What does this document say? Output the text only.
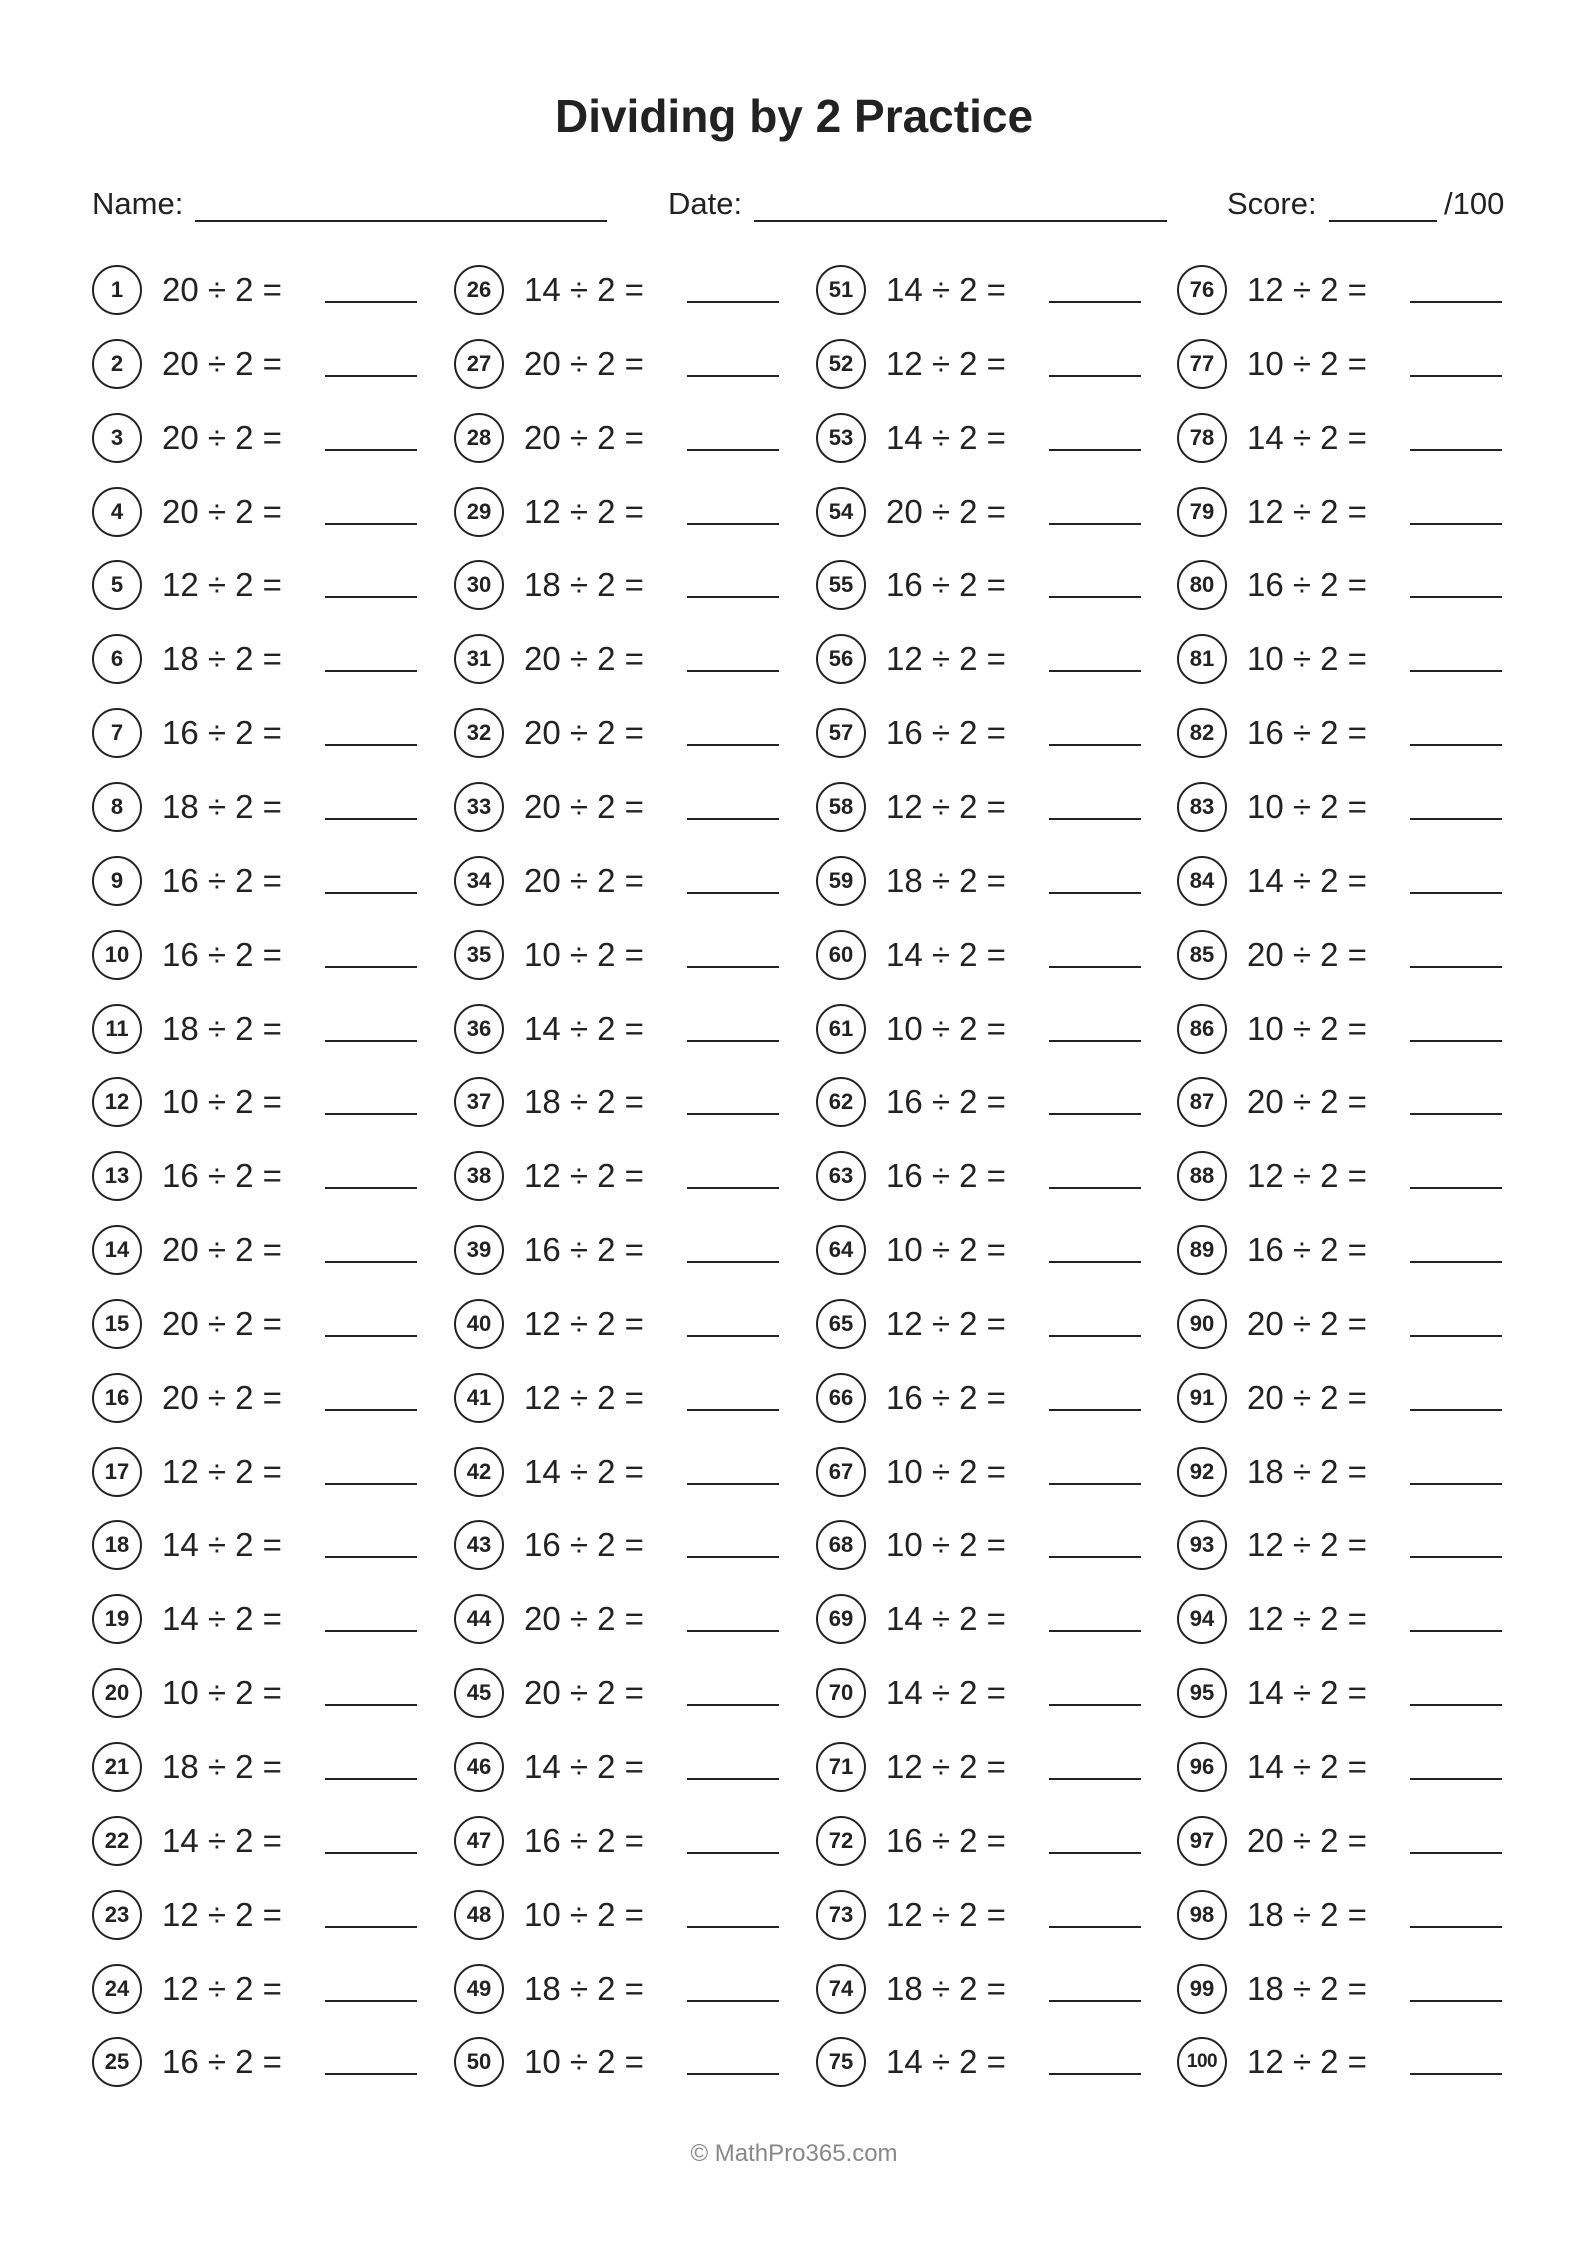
Dividing by 2 Practice
Name:	Date:	Score:	/100
1	20 ÷ 2 =
2	20 ÷ 2 =
3	20 ÷ 2 =
4	20 ÷ 2 =
5	12 ÷ 2 =
6	18 ÷ 2 =
7	16 ÷ 2 =
8	18 ÷ 2 =
9	16 ÷ 2 =
10 16 ÷ 2 =
11	18 ÷ 2 =
12 10 ÷ 2 =
13 16 ÷ 2 =
14 20 ÷ 2 =
15 20 ÷ 2 =
16 20 ÷ 2 =
17 12 ÷ 2 =
18 14 ÷ 2 =
19 14 ÷ 2 =
20 10 ÷ 2 =
21 18 ÷ 2 =
22 14 ÷ 2 =
23 12 ÷ 2 =
24 12 ÷ 2 =
25 16 ÷ 2 =
26 14 ÷ 2 =
27 20 ÷ 2 =
28 20 ÷ 2 =
29 12 ÷ 2 =
30 18 ÷ 2 =
31 20 ÷ 2 =
32 20 ÷ 2 =
33 20 ÷ 2 =
34 20 ÷ 2 =
35 10 ÷ 2 =
36 14 ÷ 2 =
37 18 ÷ 2 =
38 12 ÷ 2 =
39 16 ÷ 2 =
40 12 ÷ 2 =
41 12 ÷ 2 =
42 14 ÷ 2 =
43 16 ÷ 2 =
44 20 ÷ 2 =
45 20 ÷ 2 =
46 14 ÷ 2 =
47 16 ÷ 2 =
48 10 ÷ 2 =
49 18 ÷ 2 =
50 10 ÷ 2 =
51 14 ÷ 2 =
52 12 ÷ 2 =
53 14 ÷ 2 =
54 20 ÷ 2 =
55 16 ÷ 2 =
56 12 ÷ 2 =
57 16 ÷ 2 =
58 12 ÷ 2 =
59 18 ÷ 2 =
60 14 ÷ 2 =
61 10 ÷ 2 =
62 16 ÷ 2 =
63 16 ÷ 2 =
64 10 ÷ 2 =
65 12 ÷ 2 =
66 16 ÷ 2 =
67 10 ÷ 2 =
68 10 ÷ 2 =
69 14 ÷ 2 =
70 14 ÷ 2 =
71 12 ÷ 2 =
72 16 ÷ 2 =
73 12 ÷ 2 =
74 18 ÷ 2 =
75 14 ÷ 2 =
76 12 ÷ 2 =
77 10 ÷ 2 =
78 14 ÷ 2 =
79 12 ÷ 2 =
80 16 ÷ 2 =
81 10 ÷ 2 =
82 16 ÷ 2 =
83 10 ÷ 2 =
84 14 ÷ 2 =
85 20 ÷ 2 =
86 10 ÷ 2 =
87 20 ÷ 2 =
88 12 ÷ 2 =
89 16 ÷ 2 =
90 20 ÷ 2 =
91 20 ÷ 2 =
92 18 ÷ 2 =
93 12 ÷ 2 =
94 12 ÷ 2 =
95 14 ÷ 2 =
96 14 ÷ 2 =
97 20 ÷ 2 =
98 18 ÷ 2 =
99 18 ÷ 2 =
100 12 ÷ 2 =
© MathPro365.com
